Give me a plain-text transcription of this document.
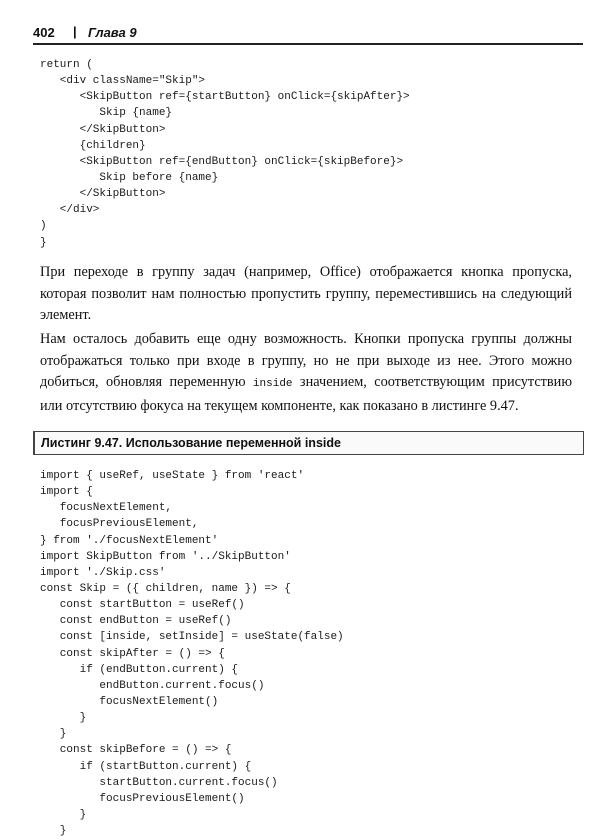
402 | Глава 9
return (
<div className="Skip">
<SkipButton ref={startButton} onClick={skipAfter}>
Skip {name}
</SkipButton>
{children}
<SkipButton ref={endButton} onClick={skipBefore}>
Skip before {name}
</SkipButton>
</div>
)
}

При переходе в группу задач (например, Office) отображается кнопка пропуска, которая позволит нам полностью пропустить группу, переместившись на следующий элемент.

Нам осталось добавить еще одну возможность. Кнопки пропуска группы должны отображаться только при входе в группу, но не при выходе из нее. Этого можно добиться, обновляя переменную inside значением, соответствующим присутствию или отсутствию фокуса на текущем компоненте, как показано в листинге 9.47.

Листинг 9.47. Использование переменной inside
import { useRef, useState } from 'react'
import {
focusNextElement,
focusPreviousElement,
} from './focusNextElement'
import SkipButton from '../SkipButton'
import './Skip.css'
const Skip = ({ children, name }) => {
const startButton = useRef()
const endButton = useRef()
const [inside, setInside] = useState(false)
const skipAfter = () => {
if (endButton.current) {
endButton.current.focus()
focusNextElement()
}
}
const skipBefore = () => {
if (startButton.current) {
startButton.current.focus()
focusPreviousElement()
}
}
